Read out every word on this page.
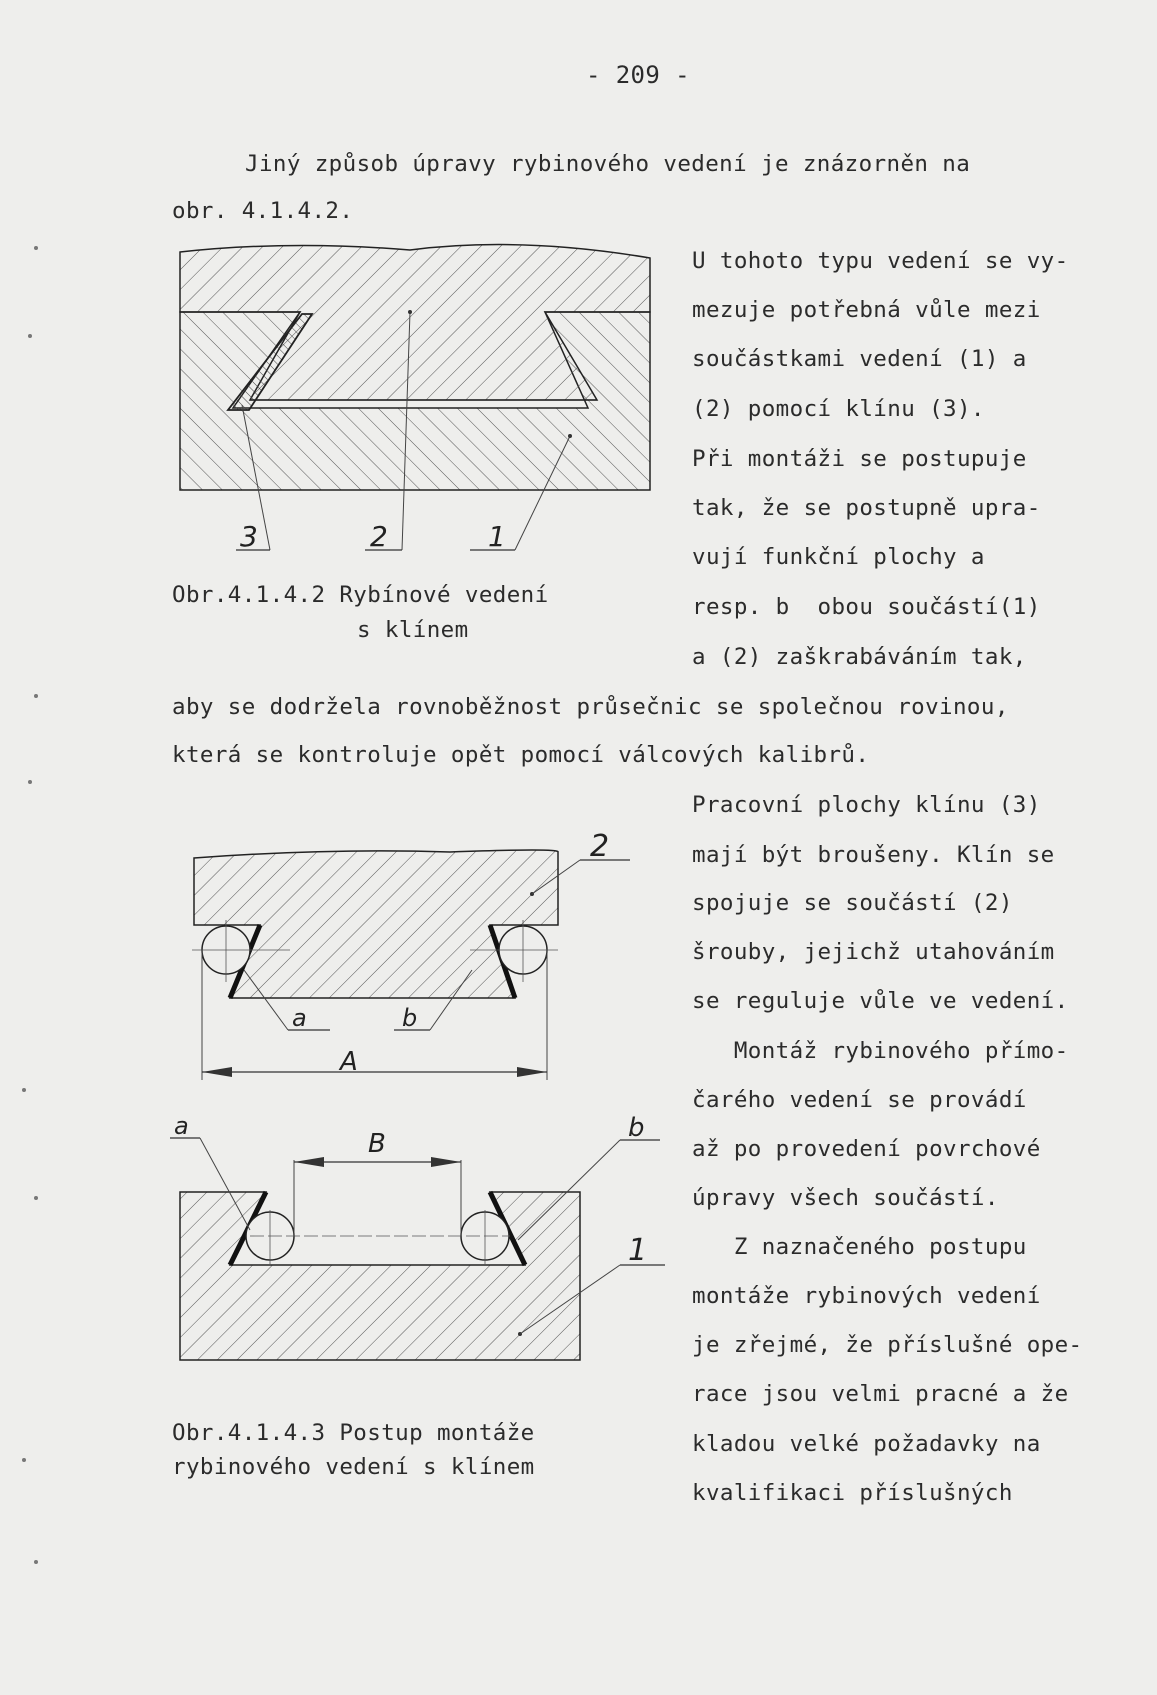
- 209 -
Jiný způsob úpravy rybinového vedení je znázorněn na
obr. 4.1.4.2.
U tohoto typu vedení se vy-
mezuje potřebná vůle mezi
součástkami vedení (1) a
(2) pomocí klínu (3).
Při montáži se postupuje
tak, že se postupně upra-
vují funkční plochy a
resp. b  obou součástí(1)
a (2) zaškrabáváním tak,
aby se dodržela rovnoběžnost průsečnic se společnou rovinou,
která se kontroluje opět pomocí válcových kalibrů.
Pracovní plochy klínu (3)
mají být broušeny. Klín se
spojuje se součástí (2)
šrouby, jejichž utahováním
se reguluje vůle ve vedení.
Montáž rybinového přímo-
čarého vedení se provádí
až po provedení povrchové
úpravy všech součástí.
Z naznačeného postupu
montáže rybinových vedení
je zřejmé, že příslušné ope-
race jsou velmi pracné a že
kladou velké požadavky na
kvalifikaci příslušných
3	2	1
Obr.4.1.4.2 Rybínové vedení
s klínem
A
a	b
2
B
a	b
1
Obr.4.1.4.3 Postup montáže
rybinového vedení s klínem
